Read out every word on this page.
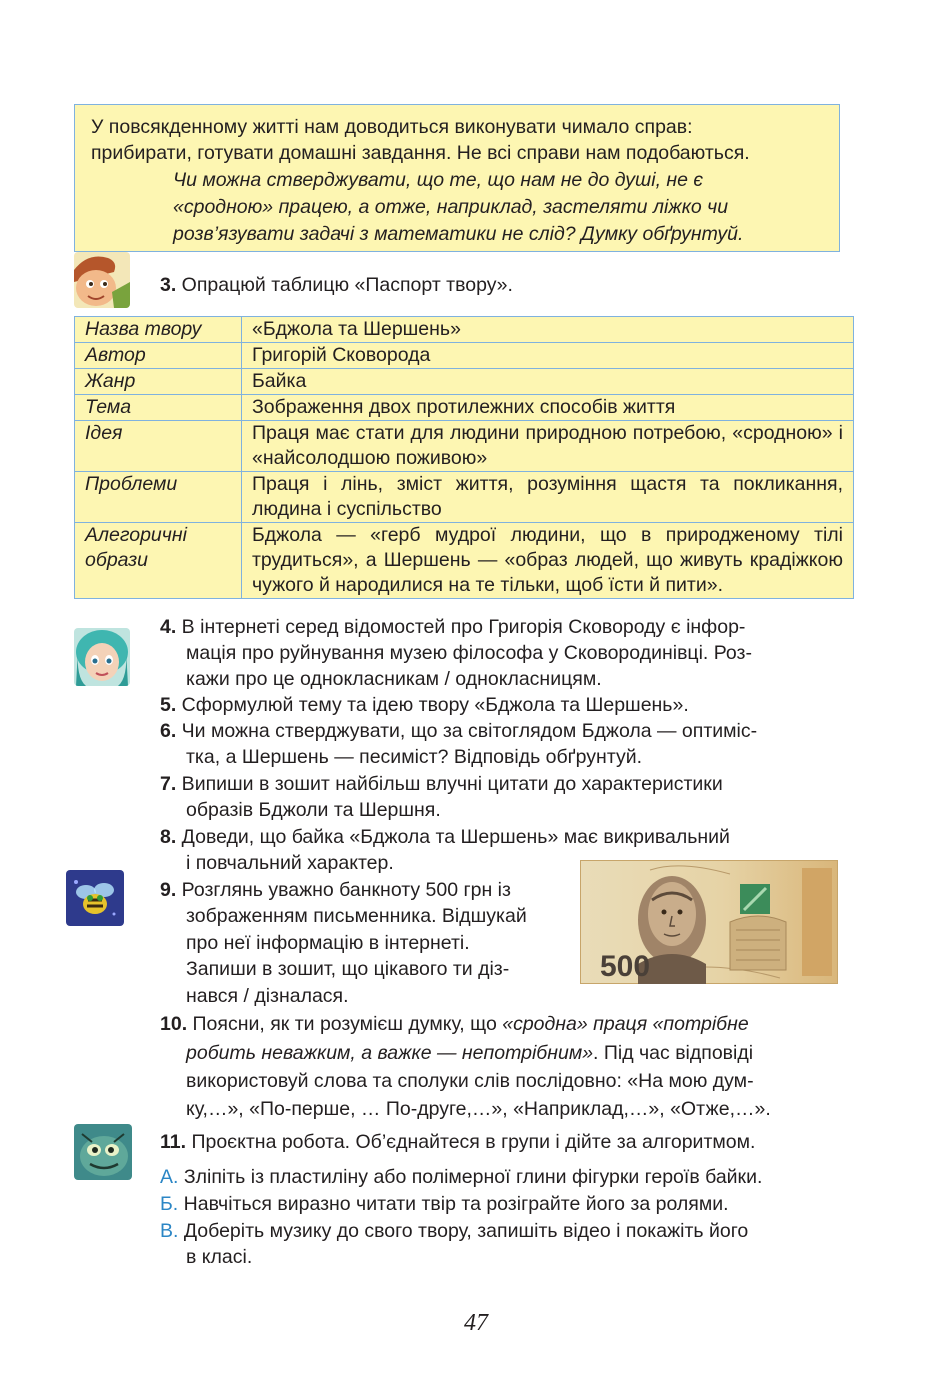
У повсякденному житті нам доводиться виконувати чимало справ:
прибирати, готувати домашні завдання. Не всі справи нам подобаються.
Чи можна стверджувати, що те, що нам не до душі, не є
«сродною» працею, а отже, наприклад, застеляти ліжко чи
розв’язувати задачі з математики не слід? Думку обґрунтуй.
3. Опрацюй таблицю «Паспорт твору».
Назва твору	«Бджола та Шершень»
Автор	Григорій Сковорода
Жанр	Байка
Тема	Зображення двох протилежних способів життя
Ідея	Праця має стати для людини природною потребою, «сродною» і «найсолодшою поживою»
Проблеми	Праця і лінь, зміст життя, розуміння щастя та покликання, людина і суспільство
Алегоричні образи	Бджола — «герб мудрої людини, що в природженому тілі трудиться», а Шершень — «образ людей, що живуть крадіжкою чужого й народилися на те тільки, щоб їсти й пити».
4. В інтернеті серед відомостей про Григорія Сковороду є інфор-
мація про руйнування музею філософа у Сковородинівці. Роз-
кажи про це однокласникам / однокласницям.
5. Сформулюй тему та ідею твору «Бджола та Шершень».
6. Чи можна стверджувати, що за світоглядом Бджола — оптиміс-
тка, а Шершень — песиміст? Відповідь обґрунтуй.
7. Випиши в зошит найбільш влучні цитати до характеристики
образів Бджоли та Шершня.
8. Доведи, що байка «Бджола та Шершень» має викривальний
і повчальний характер.
9. Розглянь уважно банкноту 500 грн із
зображенням письменника. Відшукай
про неї інформацію в інтернеті.
Запиши в зошит, що цікавого ти діз-
нався / дізналася.
500
10. Поясни, як ти розумієш думку, що «сродна» праця «потрібне
робить неважким, а важке — непотрібним». Під час відповіді
використовуй слова та сполуки слів послідовно: «На мою дум-
ку,…», «По-перше, … По-друге,…», «Наприклад,…», «Отже,…».
11. Проєктна робота. Об’єднайтеся в групи і дійте за алгоритмом.
А. Зліпіть із пластиліну або полімерної глини фігурки героїв байки.
Б. Навчіться виразно читати твір та розіграйте його за ролями.
В. Доберіть музику до свого твору, запишіть відео і покажіть його
в класі.
47
